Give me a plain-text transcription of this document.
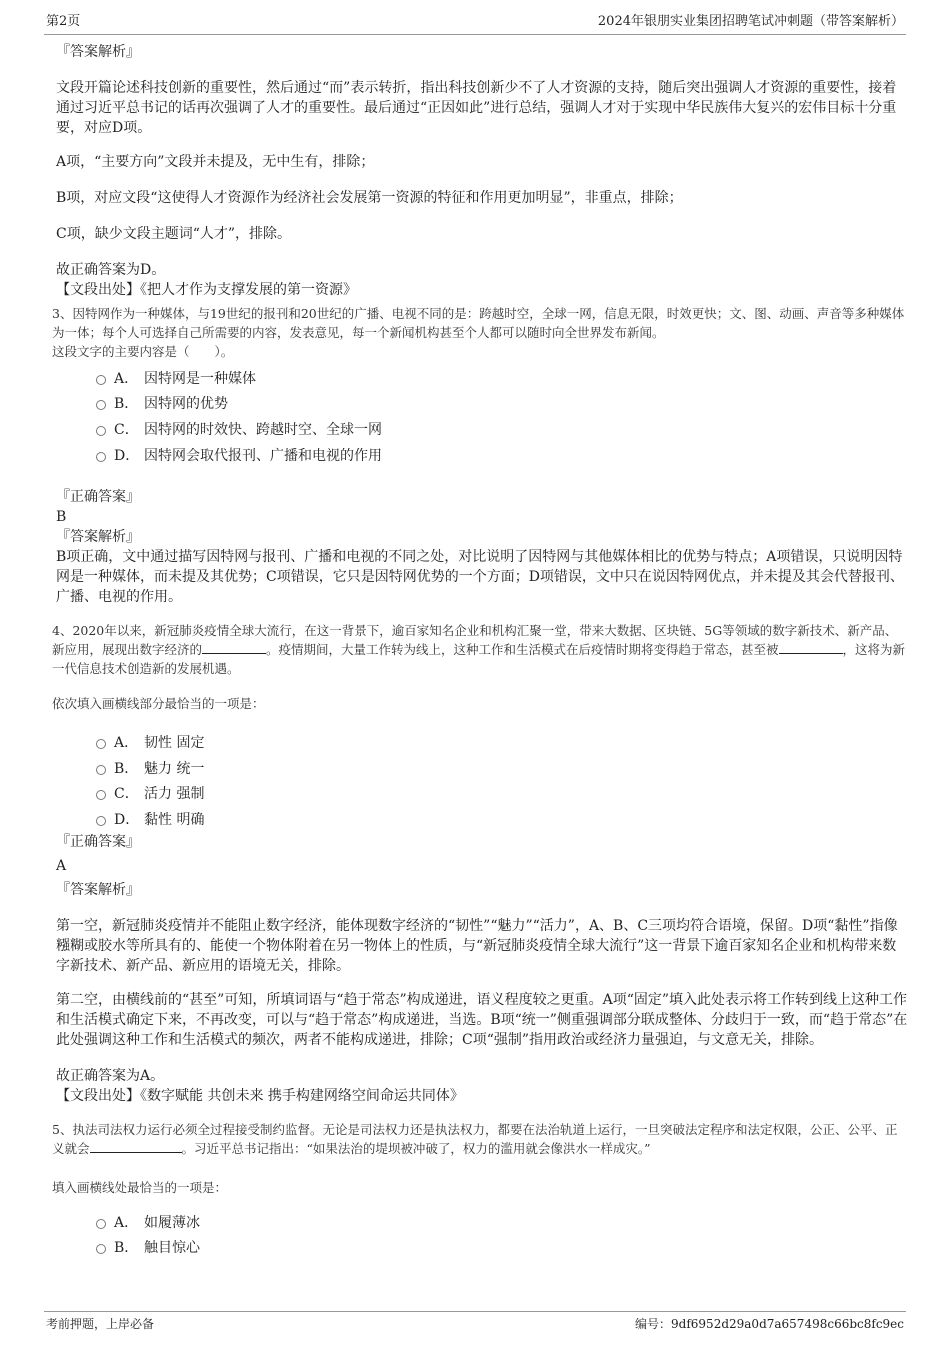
第2页	2024年银朋实业集团招聘笔试冲刺题（带答案解析）

『答案解析』

文段开篇论述科技创新的重要性，然后通过“而”表示转折，指出科技创新少不了人才资源的支持，随后突出强调人才资源的重要性，接着通过习近平总书记的话再次强调了人才的重要性。最后通过“正因如此”进行总结，强调人才对于实现中华民族伟大复兴的宏伟目标十分重要，对应D项。

A项，“主要方向”文段并未提及，无中生有，排除；

B项，对应文段“这使得人才资源作为经济社会发展第一资源的特征和作用更加明显”，非重点，排除；

C项，缺少文段主题词“人才”，排除。

故正确答案为D。

【文段出处】《把人才作为支撑发展的第一资源》

3、因特网作为一种媒体，与19世纪的报刊和20世纪的广播、电视不同的是：跨越时空，全球一网，信息无限，时效更快；文、图、动画、声音等多种媒体为一体；每个人可选择自己所需要的内容，发表意见，每一个新闻机构甚至个人都可以随时向全世界发布新闻。

这段文字的主要内容是（　　）。

A． 因特网是一种媒体
B． 因特网的优势
C． 因特网的时效快、跨越时空、全球一网
D． 因特网会取代报刊、广播和电视的作用

『正确答案』

B

『答案解析』

B项正确，文中通过描写因特网与报刊、广播和电视的不同之处，对比说明了因特网与其他媒体相比的优势与特点；A项错误，只说明因特网是一种媒体，而未提及其优势；C项错误，它只是因特网优势的一个方面；D项错误，文中只在说因特网优点，并未提及其会代替报刊、广播、电视的作用。

4、2020年以来，新冠肺炎疫情全球大流行，在这一背景下，逾百家知名企业和机构汇聚一堂，带来大数据、区块链、5G等领域的数字新技术、新产品、新应用，展现出数字经济的	。疫情期间，大量工作转为线上，这种工作和生活模式在后疫情时期将变得趋于常态，甚至被	，这将为新一代信息技术创造新的发展机遇。

依次填入画横线部分最恰当的一项是：

A． 韧性 固定
B． 魅力 统一
C． 活力 强制
D． 黏性 明确

『正确答案』

A

『答案解析』

第一空，新冠肺炎疫情并不能阻止数字经济，能体现数字经济的“韧性”“魅力”“活力”，A、B、C三项均符合语境，保留。D项“黏性”指像糨糊或胶水等所具有的、能使一个物体附着在另一物体上的性质，与“新冠肺炎疫情全球大流行”这一背景下逾百家知名企业和机构带来数字新技术、新产品、新应用的语境无关，排除。

第二空，由横线前的“甚至”可知，所填词语与“趋于常态”构成递进，语义程度较之更重。A项“固定”填入此处表示将工作转到线上这种工作和生活模式确定下来，不再改变，可以与“趋于常态”构成递进，当选。B项“统一”侧重强调部分联成整体、分歧归于一致，而“趋于常态”在此处强调这种工作和生活模式的频次，两者不能构成递进，排除；C项“强制”指用政治或经济力量强迫，与文意无关，排除。

故正确答案为A。

【文段出处】《数字赋能 共创未来 携手构建网络空间命运共同体》

5、执法司法权力运行必须全过程接受制约监督。无论是司法权力还是执法权力，都要在法治轨道上运行，一旦突破法定程序和法定权限，公正、公平、正义就会	。习近平总书记指出：“如果法治的堤坝被冲破了，权力的滥用就会像洪水一样成灾。”

填入画横线处最恰当的一项是：

A． 如履薄冰
B． 触目惊心
考前押题，上岸必备	编号：9df6952d29a0d7a657498c66bc8fc9ec
